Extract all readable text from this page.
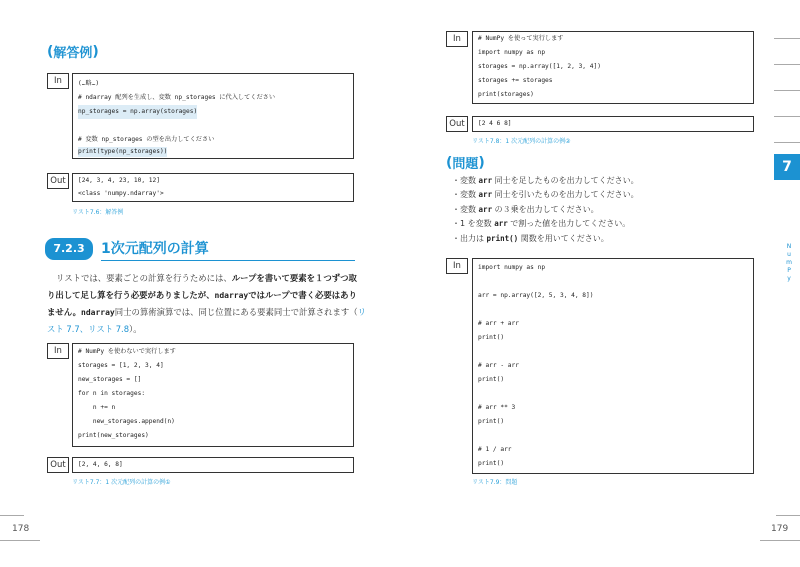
( 解答例 )
In	(…略…)
# ndarray 配列を生成し、変数 np_storages に代入してください
np_storages = np.array(storages)
# 変数 np_storages の型を出力してください
print(type(np_storages))
Out	[24, 3, 4, 23, 10, 12]
<class 'numpy.ndarray'>
リスト7.6：解答例
7.2.3	1次元配列の計算
リストでは、要素ごとの計算を行うためには、ループを書いて要素を１つずつ取
り出して足し算を行う必要がありましたが、ndarrayではループで書く必要はあり
ません。ndarray同士の算術演算では、同じ位置にある要素同士で計算されます（リ
スト 7.7、リスト 7.8）。
In	# NumPy を使わないで実行します
storages = [1, 2, 3, 4]
new_storages = []
for n in storages:
n += n
new_storages.append(n)
print(new_storages)
Out	[2, 4, 6, 8]
リスト7.7：1 次元配列の計算の例①
178
In	# NumPy を使って実行します
import numpy as np
storages = np.array([1, 2, 3, 4])
storages += storages
print(storages)
Out	[2 4 6 8]
リスト7.8：1 次元配列の計算の例②
( 問題 )
・変数 arr 同士を足したものを出力してください。
・変数 arr 同士を引いたものを出力してください。
・変数 arr の３乗を出力してください。
・1 を変数 arr で割った値を出力してください。
・出力は print() 関数を用いてください。
In	import numpy as np
arr = np.array([2, 5, 3, 4, 8])
# arr + arr
print()
# arr - arr
print()
# arr ** 3
print()
# 1 / arr
print()
リスト7.9：問題
7
N
u
m
P
y
179
